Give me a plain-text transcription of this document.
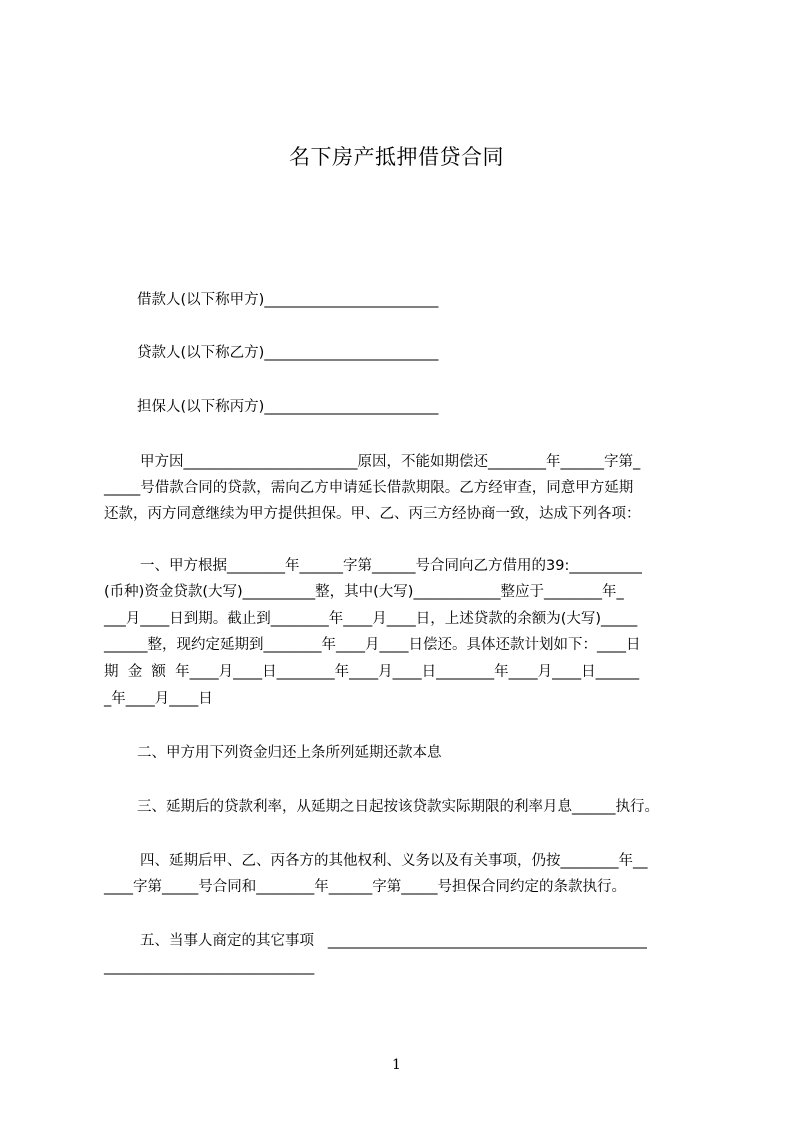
名下房产抵押借贷合同
借款人(以下称甲方)________________________
贷款人(以下称乙方)________________________
担保人(以下称丙方)________________________
甲方因________________________原因，不能如期偿还________年______字第_
_____号借款合同的贷款，需向乙方申请延长借款期限。乙方经审查，同意甲方延期
还款，丙方同意继续为甲方提供担保。甲、乙、丙三方经协商一致，达成下列各项：
一、甲方根据________年______字第______号合同向乙方借用的39:__________
(币种)资金贷款(大写)__________整，其中(大写)____________整应于________年_
___月____日到期。截止到________年____月____日，上述贷款的余额为(大写)_____
______整，现约定延期到________年____月____日偿还。具体还款计划如下：____日
期  金  额  年____月____日________年____月____日________年____月____日______
_年____月____日
二、甲方用下列资金归还上条所列延期还款本息
三、延期后的贷款利率，从延期之日起按该贷款实际期限的利率月息______执行。
四、延期后甲、乙、丙各方的其他权利、义务以及有关事项，仍按________年__
____字第_____号合同和________年______字第_____号担保合同约定的条款执行。
五、当事人商定的其它事项   ____________________________________________
_____________________________
1
